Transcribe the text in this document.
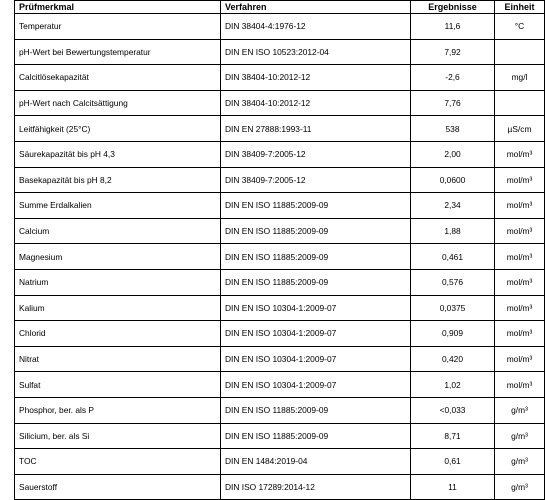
Prüfmerkmal	Verfahren	Ergebnisse	Einheit
Temperatur	DIN 38404-4:1976-12	11,6	°C
pH-Wert bei Bewertungstemperatur	DIN EN ISO 10523:2012-04	7,92	
Calcitlösekapazität	DIN 38404-10:2012-12	-2,6	mg/l
pH-Wert nach Calcitsättigung	DIN 38404-10:2012-12	7,76	
Leitfähigkeit (25°C)	DIN EN 27888:1993-11	538	µS/cm
Säurekapazität bis pH 4,3	DIN 38409-7:2005-12	2,00	mol/m³
Basekapazität bis pH 8,2	DIN 38409-7:2005-12	0,0600	mol/m³
Summe Erdalkalien	DIN EN ISO 11885:2009-09	2,34	mol/m³
Calcium	DIN EN ISO 11885:2009-09	1,88	mol/m³
Magnesium	DIN EN ISO 11885:2009-09	0,461	mol/m³
Natrium	DIN EN ISO 11885:2009-09	0,576	mol/m³
Kalium	DIN EN ISO 10304-1:2009-07	0,0375	mol/m³
Chlorid	DIN EN ISO 10304-1:2009-07	0,909	mol/m³
Nitrat	DIN EN ISO 10304-1:2009-07	0,420	mol/m³
Sulfat	DIN EN ISO 10304-1:2009-07	1,02	mol/m³
Phosphor, ber. als P	DIN EN ISO 11885:2009-09	<0,033	g/m³
Silicium, ber. als Si	DIN EN ISO 11885:2009-09	8,71	g/m³
TOC	DIN EN 1484:2019-04	0,61	g/m³
Sauerstoff	DIN ISO 17289:2014-12	11	g/m³
